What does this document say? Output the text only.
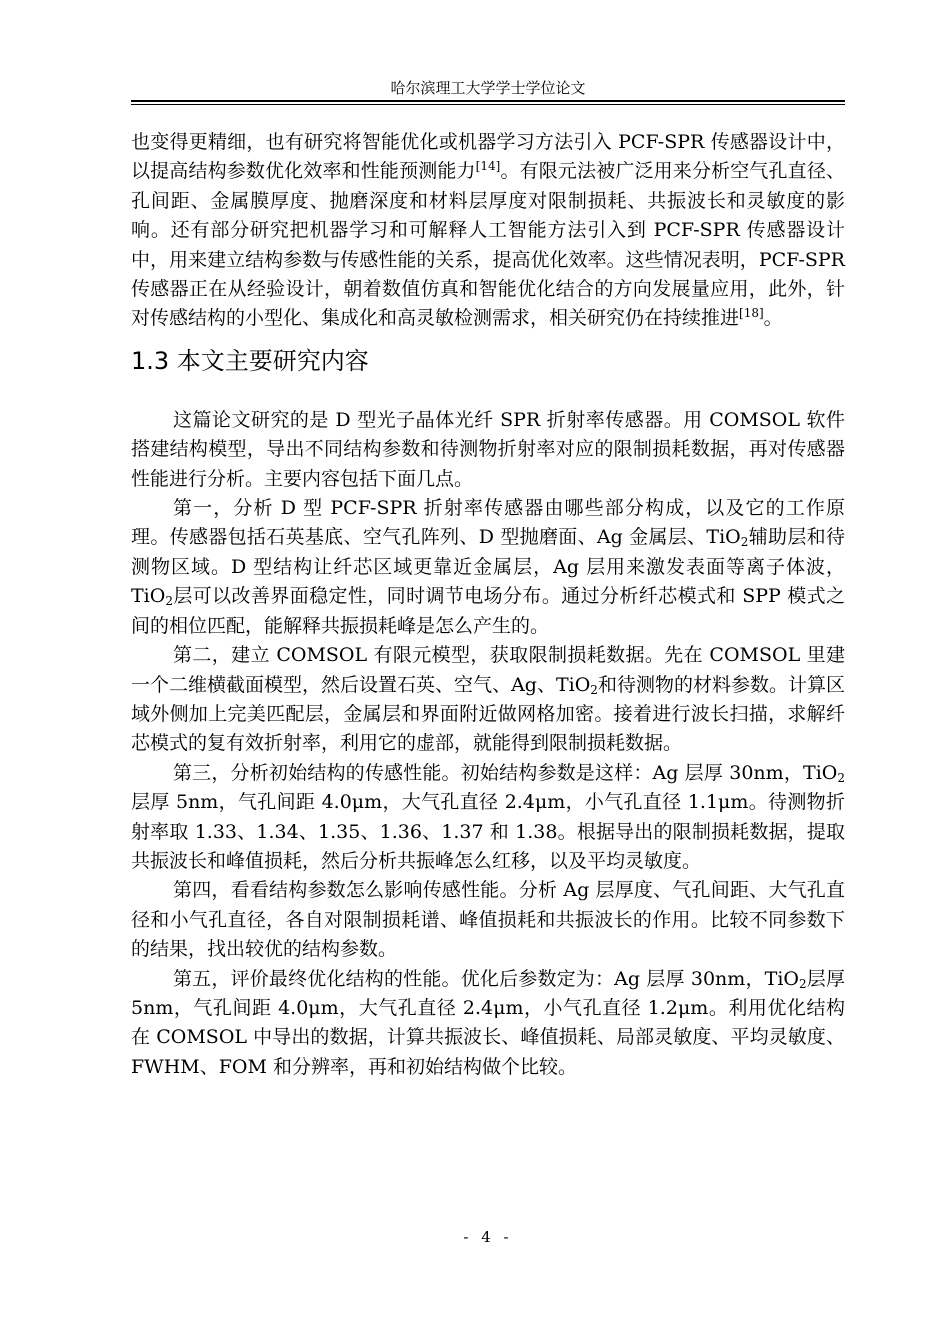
哈尔滨理工大学学士学位论文

也变得更精细，也有研究将智能优化或机器学习方法引入 PCF-SPR 传感器设计中，以提高结构参数优化效率和性能预测能力[14]。有限元法被广泛用来分析空气孔直径、孔间距、金属膜厚度、抛磨深度和材料层厚度对限制损耗、共振波长和灵敏度的影响。还有部分研究把机器学习和可解释人工智能方法引入到 PCF-SPR 传感器设计中，用来建立结构参数与传感性能的关系，提高优化效率。这些情况表明，PCF-SPR 传感器正在从经验设计，朝着数值仿真和智能优化结合的方向发展量应用，此外，针对传感结构的小型化、集成化和高灵敏检测需求，相关研究仍在持续推进[18]。

1.3 本文主要研究内容

这篇论文研究的是 D 型光子晶体光纤 SPR 折射率传感器。用 COMSOL 软件搭建结构模型，导出不同结构参数和待测物折射率对应的限制损耗数据，再对传感器性能进行分析。主要内容包括下面几点。

第一，分析 D 型 PCF-SPR 折射率传感器由哪些部分构成，以及它的工作原理。传感器包括石英基底、空气孔阵列、D 型抛磨面、Ag 金属层、TiO$_2$辅助层和待测物区域。D 型结构让纤芯区域更靠近金属层，Ag 层用来激发表面等离子体波，TiO$_2$层可以改善界面稳定性，同时调节电场分布。通过分析纤芯模式和 SPP 模式之间的相位匹配，能解释共振损耗峰是怎么产生的。

第二，建立 COMSOL 有限元模型，获取限制损耗数据。先在 COMSOL 里建一个二维横截面模型，然后设置石英、空气、Ag、TiO$_2$和待测物的材料参数。计算区域外侧加上完美匹配层，金属层和界面附近做网格加密。接着进行波长扫描，求解纤芯模式的复有效折射率，利用它的虚部，就能得到限制损耗数据。

第三，分析初始结构的传感性能。初始结构参数是这样：Ag 层厚 30nm，TiO$_2$层厚 5nm，气孔间距 4.0μm，大气孔直径 2.4μm，小气孔直径 1.1μm。待测物折射率取 1.33、1.34、1.35、1.36、1.37 和 1.38。根据导出的限制损耗数据，提取共振波长和峰值损耗，然后分析共振峰怎么红移，以及平均灵敏度。

第四，看看结构参数怎么影响传感性能。分析 Ag 层厚度、气孔间距、大气孔直径和小气孔直径，各自对限制损耗谱、峰值损耗和共振波长的作用。比较不同参数下的结果，找出较优的结构参数。

第五，评价最终优化结构的性能。优化后参数定为：Ag 层厚 30nm，TiO$_2$层厚 5nm，气孔间距 4.0μm，大气孔直径 2.4μm，小气孔直径 1.2μm。利用优化结构在 COMSOL 中导出的数据，计算共振波长、峰值损耗、局部灵敏度、平均灵敏度、FWHM、FOM 和分辨率，再和初始结构做个比较。

- 4 -
